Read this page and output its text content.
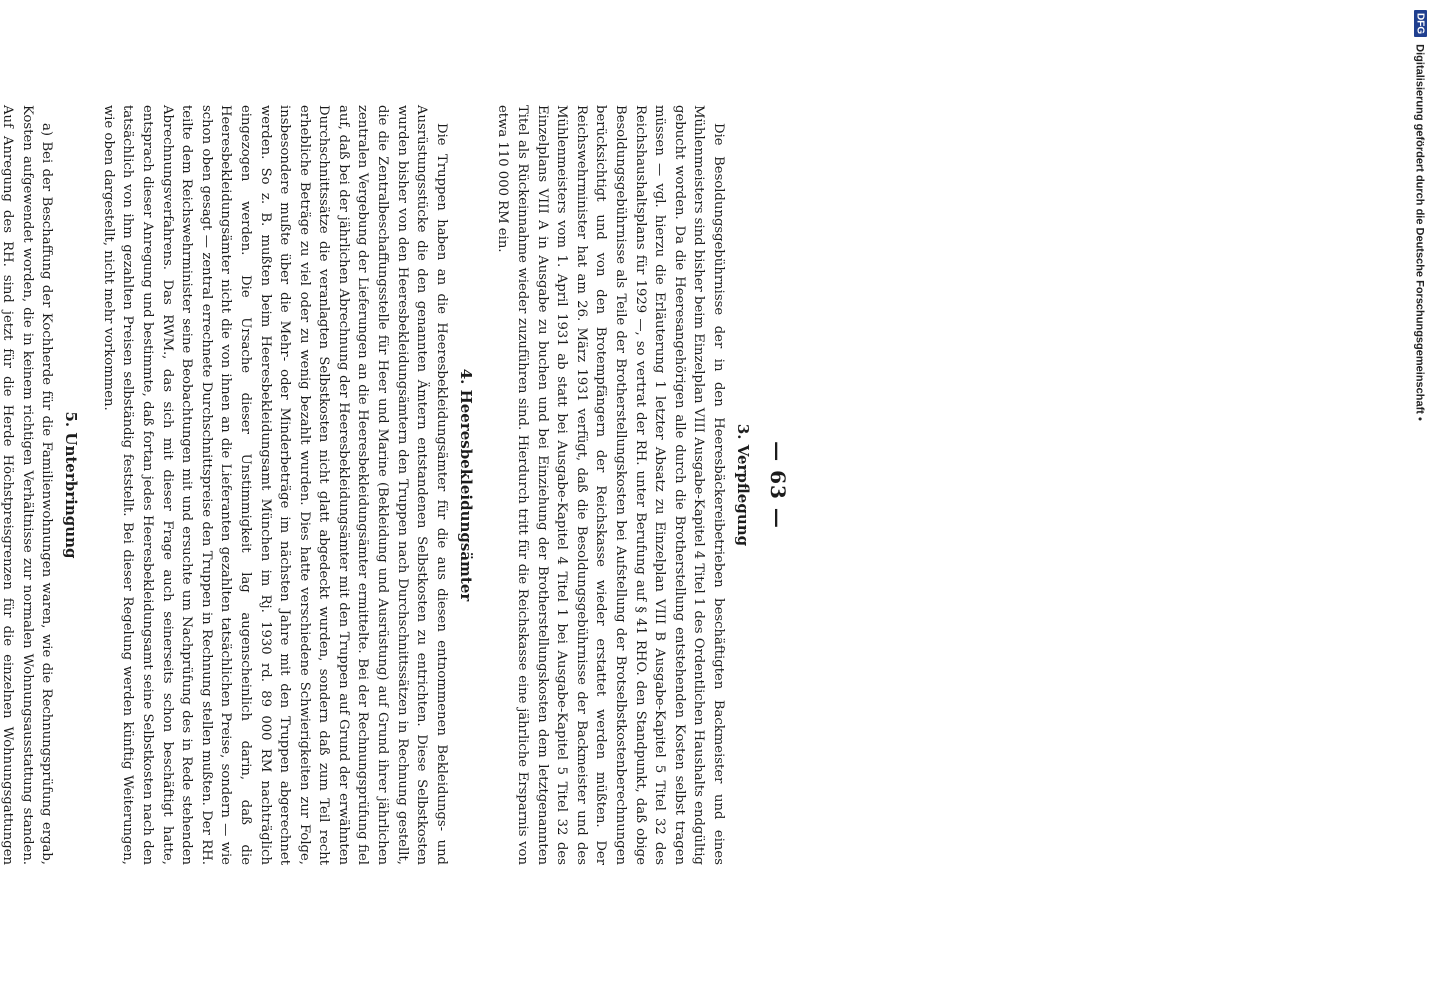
— 63 —
3. Verpflegung

Die Besoldungsgebührnisse der in den Heeresbäckereibetrieben beschäftigten Backmeister und eines Mühlenmeisters sind bisher beim Einzelplan VIII Ausgabe-Kapitel 4 Titel 1 des Ordentlichen Haushalts endgültig gebucht worden. Da die Heeresangehörigen alle durch die Brotherstellung entstehenden Kosten selbst tragen müssen — vgl. hierzu die Erläuterung 1 letzter Absatz zu Einzelplan VIII B Ausgabe-Kapitel 5 Titel 32 des Reichshaushaltsplans für 1929 —, so vertrat der RH. unter Berufung auf § 41 RHO. den Standpunkt, daß obige Besoldungsgebührnisse als Teile der Brotherstellungskosten bei Aufstellung der Brotselbstkostenberechnungen berücksichtigt und von den Brotempfängern der Reichskasse wieder erstattet werden müßten. Der Reichswehrminister hat am 26. März 1931 verfügt, daß die Besoldungsgebührnisse der Backmeister und des Mühlenmeisters vom 1. April 1931 ab statt bei Ausgabe-Kapitel 4 Titel 1 bei Ausgabe-Kapitel 5 Titel 32 des Einzelplans VIII A in Ausgabe zu buchen und bei Einziehung der Brotherstellungskosten dem letztgenannten Titel als Rückeinnahme wieder zuzuführen sind. Hierdurch tritt für die Reichskasse eine jährliche Ersparnis von etwa 110 000 RM ein.

4. Heeresbekleidungsämter

Die Truppen haben an die Heeresbekleidungsämter für die aus diesen entnommenen Bekleidungs- und Ausrüstungsstücke die den genannten Ämtern entstandenen Selbstkosten zu entrichten. Diese Selbstkosten wurden bisher von den Heeresbekleidungsämtern den Truppen nach Durchschnittssätzen in Rechnung gestellt, die die Zentralbeschaffungsstelle für Heer und Marine (Bekleidung und Ausrüstung) auf Grund ihrer jährlichen zentralen Vergebung der Lieferungen an die Heeresbekleidungsämter ermittelte. Bei der Rechnungsprüfung fiel auf, daß bei der jährlichen Abrechnung der Heeresbekleidungsämter mit den Truppen auf Grund der erwähnten Durchschnittssätze die veranlagten Selbstkosten nicht glatt abgedeckt wurden, sondern daß zum Teil recht erhebliche Beträge zu viel oder zu wenig bezahlt wurden. Dies hatte verschiedene Schwierigkeiten zur Folge, insbesondere mußte über die Mehr- oder Minderbeträge im nächsten Jahre mit den Truppen abgerechnet werden. So z. B. mußten beim Heeresbekleidungsamt München im Rj. 1930 rd. 89 000 RM nachträglich eingezogen werden. Die Ursache dieser Unstimmigkeit lag augenscheinlich darin, daß die Heeresbekleidungsämter nicht die von ihnen an die Lieferanten gezahlten tatsächlichen Preise, sondern — wie schon oben gesagt — zentral errechnete Durchschnittspreise den Truppen in Rechnung stellen mußten. Der RH. teilte dem Reichswehrminister seine Beobachtungen mit und ersuchte um Nachprüfung des in Rede stehenden Abrechnungsverfahrens. Das RWM., das sich mit dieser Frage auch seinerseits schon beschäftigt hatte, entsprach dieser Anregung und bestimmte, daß fortan jedes Heeresbekleidungsamt seine Selbstkosten nach den tatsächlich von ihm gezahlten Preisen selbständig feststellt. Bei dieser Regelung werden künftig Weiterungen, wie oben dargestellt, nicht mehr vorkommen.

5. Unterbringung

a) Bei der Beschaffung der Kochherde für die Familienwohnungen waren, wie die Rechnungsprüfung ergab, Kosten aufgewendet worden, die in keinem richtigen Verhältnisse zur normalen Wohnungsausstattung standen. Auf Anregung des RH. sind jetzt für die Herde Höchstpreisgrenzen für die einzelnen Wohnungsgattungen

DFG Digitalisierung gefördert durch die Deutsche Forschungsgemeinschaft •
